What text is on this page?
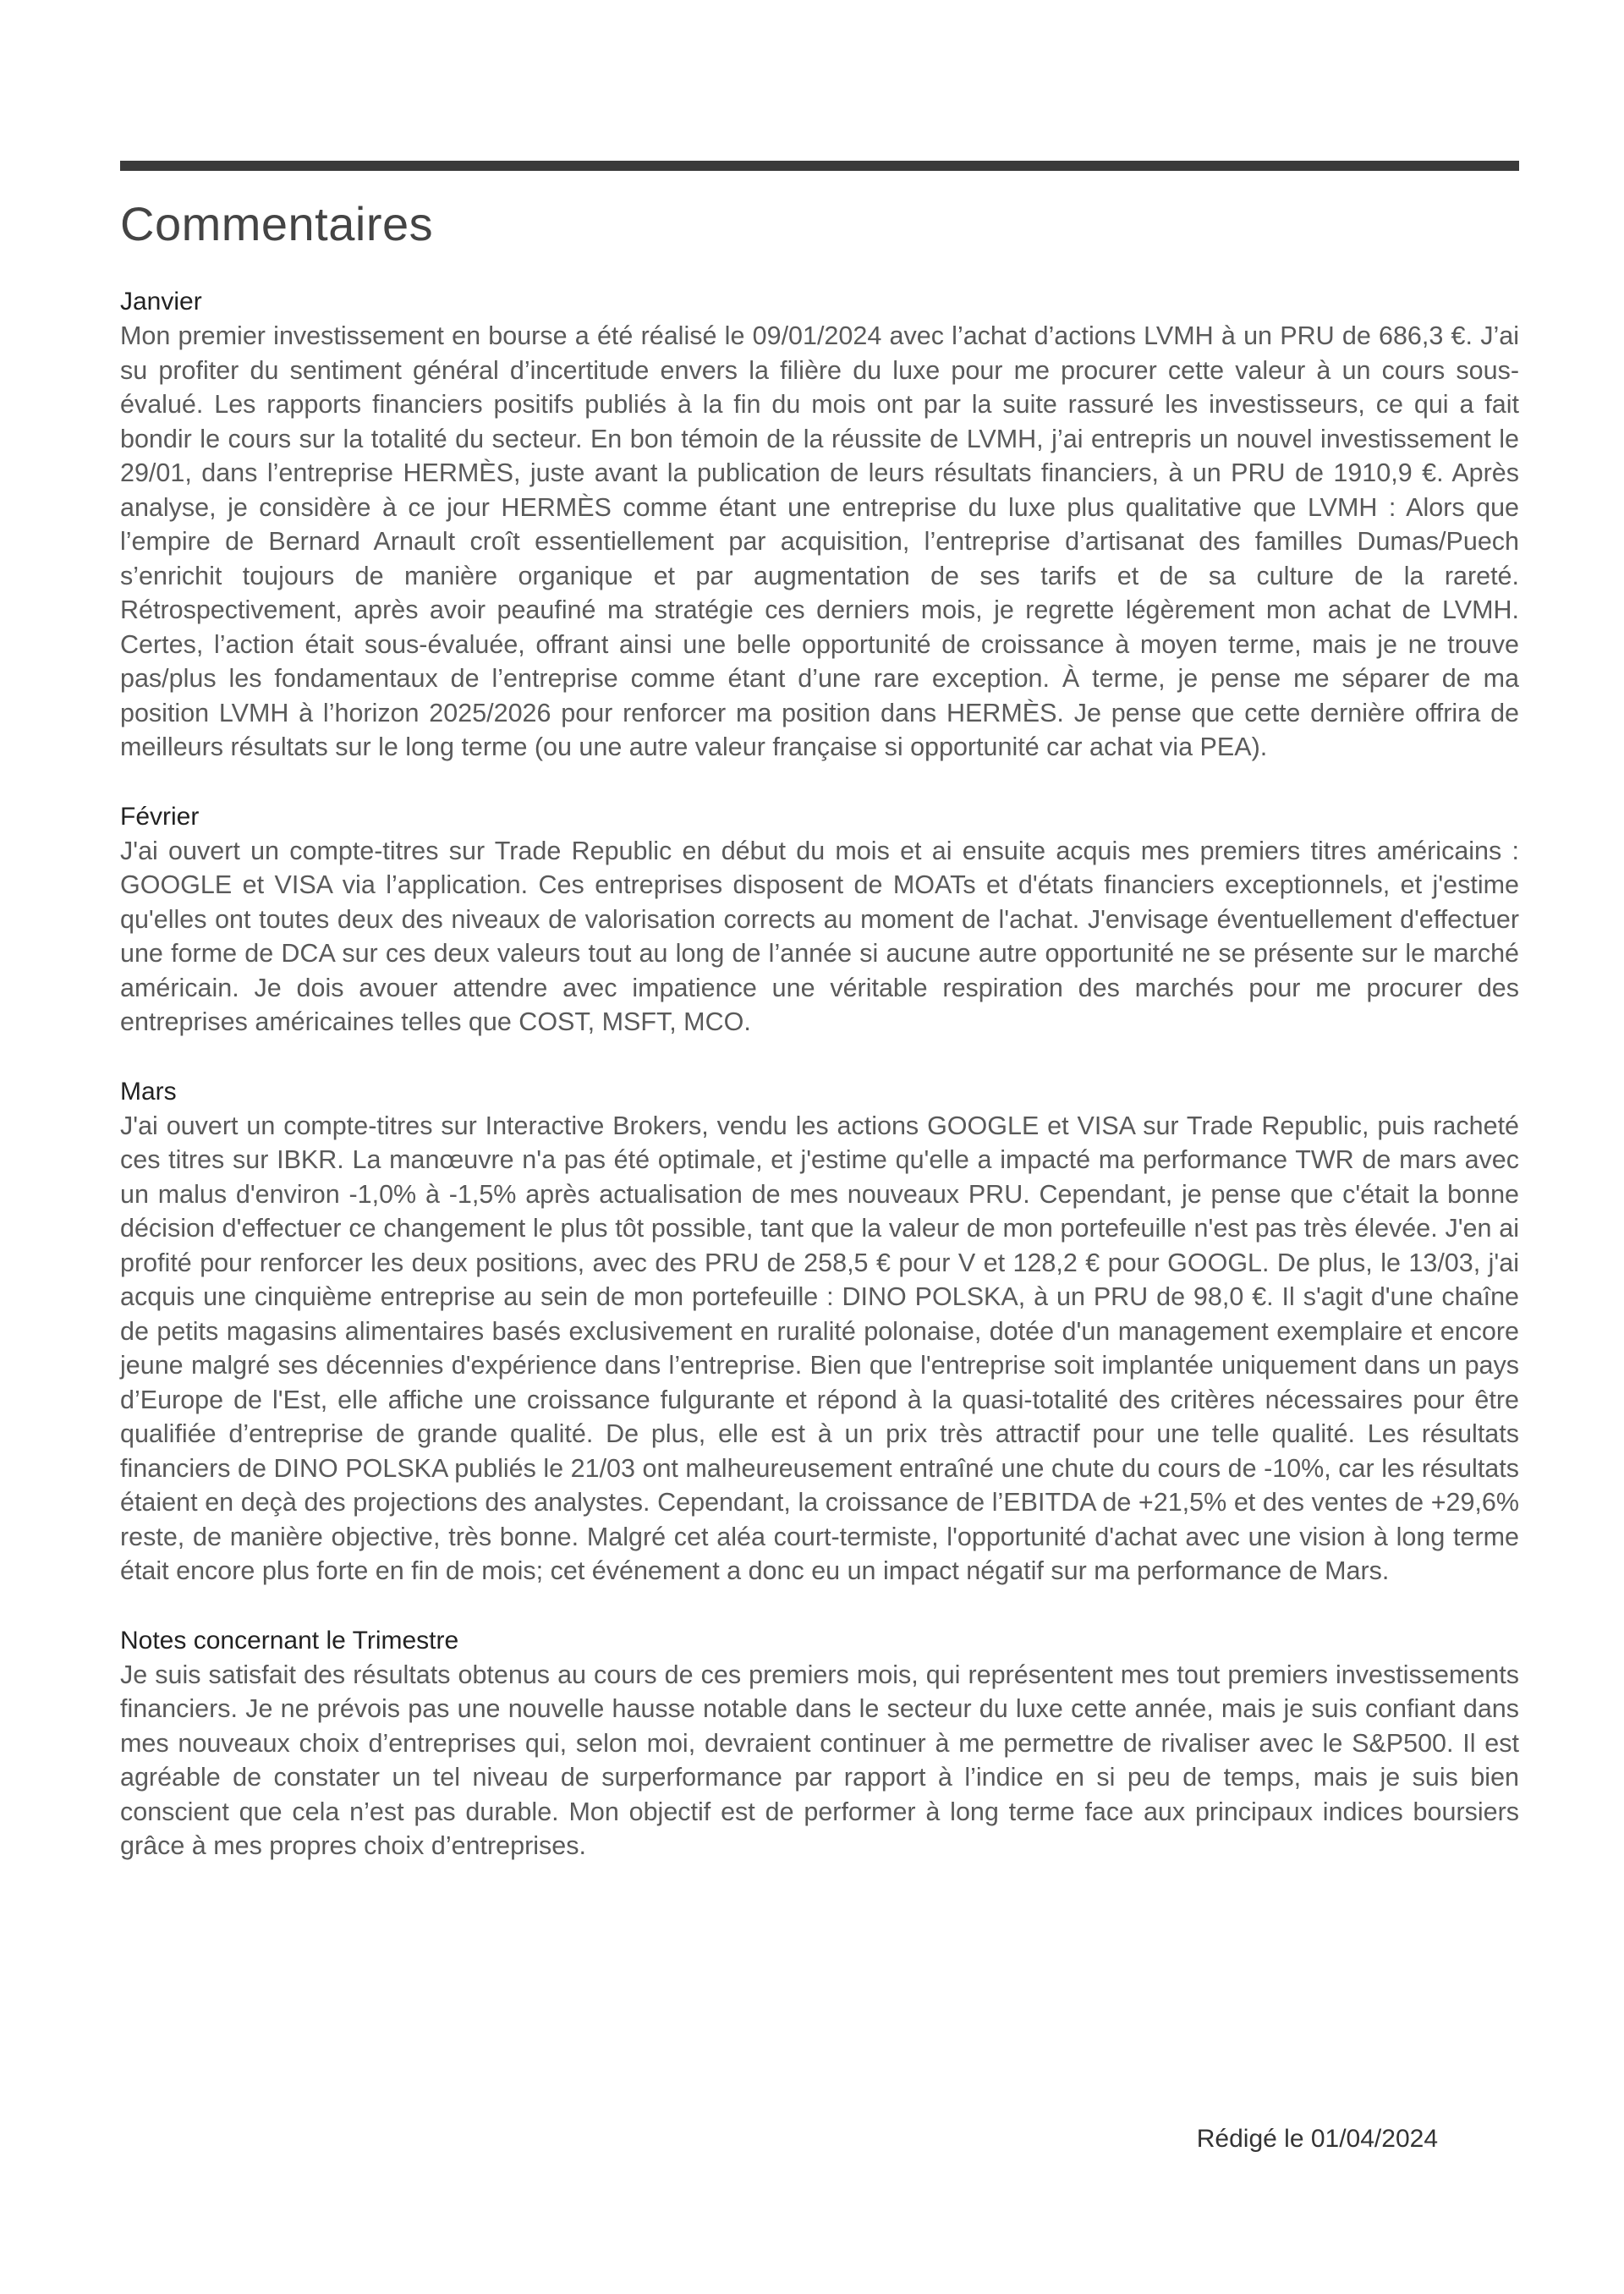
Commentaires

Janvier

Mon premier investissement en bourse a été réalisé le 09/01/2024 avec l’achat d’actions LVMH à un PRU de 686,3 €. J’ai su profiter du sentiment général d’incertitude envers la filière du luxe pour me procurer cette valeur à un cours sous-évalué. Les rapports financiers positifs publiés à la fin du mois ont par la suite rassuré les investisseurs, ce qui a fait bondir le cours sur la totalité du secteur. En bon témoin de la réussite de LVMH, j’ai entrepris un nouvel investissement le 29/01, dans l’entreprise HERMÈS, juste avant la publication de leurs résultats financiers, à un PRU de 1910,9 €. Après analyse, je considère à ce jour HERMÈS comme étant une entreprise du luxe plus qualitative que LVMH : Alors que l’empire de Bernard Arnault croît essentiellement par acquisition, l’entreprise d’artisanat des familles Dumas/Puech s’enrichit toujours de manière organique et par augmentation de ses tarifs et de sa culture de la rareté. Rétrospectivement, après avoir peaufiné ma stratégie ces derniers mois, je regrette légèrement mon achat de LVMH. Certes, l’action était sous-évaluée, offrant ainsi une belle opportunité de croissance à moyen terme, mais je ne trouve pas/plus les fondamentaux de l’entreprise comme étant d’une rare exception. À terme, je pense me séparer de ma position LVMH à l’horizon 2025/2026 pour renforcer ma position dans HERMÈS. Je pense que cette dernière offrira de meilleurs résultats sur le long terme (ou une autre valeur française si opportunité car achat via PEA).

Février

J'ai ouvert un compte-titres sur Trade Republic en début du mois et ai ensuite acquis mes premiers titres américains : GOOGLE et VISA via l’application. Ces entreprises disposent de MOATs et d'états financiers exceptionnels, et j'estime qu'elles ont toutes deux des niveaux de valorisation corrects au moment de l'achat. J'envisage éventuellement d'effectuer une forme de DCA sur ces deux valeurs tout au long de l’année si aucune autre opportunité ne se présente sur le marché américain. Je dois avouer attendre avec impatience une véritable respiration des marchés pour me procurer des entreprises américaines telles que COST, MSFT, MCO.

Mars

J'ai ouvert un compte-titres sur Interactive Brokers, vendu les actions GOOGLE et VISA sur Trade Republic, puis racheté ces titres sur IBKR. La manœuvre n'a pas été optimale, et j'estime qu'elle a impacté ma performance TWR de mars avec un malus d'environ -1,0% à -1,5% après actualisation de mes nouveaux PRU. Cependant, je pense que c'était la bonne décision d'effectuer ce changement le plus tôt possible, tant que la valeur de mon portefeuille n'est pas très élevée. J'en ai profité pour renforcer les deux positions, avec des PRU de 258,5 € pour V et 128,2 € pour GOOGL. De plus, le 13/03, j'ai acquis une cinquième entreprise au sein de mon portefeuille : DINO POLSKA, à un PRU de 98,0 €. Il s'agit d'une chaîne de petits magasins alimentaires basés exclusivement en ruralité polonaise, dotée d'un management exemplaire et encore jeune malgré ses décennies d'expérience dans l’entreprise. Bien que l'entreprise soit implantée uniquement dans un pays d’Europe de l'Est, elle affiche une croissance fulgurante et répond à la quasi-totalité des critères nécessaires pour être qualifiée d’entreprise de grande qualité. De plus, elle est à un prix très attractif pour une telle qualité. Les résultats financiers de DINO POLSKA publiés le 21/03 ont malheureusement entraîné une chute du cours de -10%, car les résultats étaient en deçà des projections des analystes. Cependant, la croissance de l’EBITDA de +21,5% et des ventes de +29,6% reste, de manière objective, très bonne. Malgré cet aléa court-termiste, l'opportunité d'achat avec une vision à long terme était encore plus forte en fin de mois; cet événement a donc eu un impact négatif sur ma performance de Mars.

Notes concernant le Trimestre

Je suis satisfait des résultats obtenus au cours de ces premiers mois, qui représentent mes tout premiers investissements financiers. Je ne prévois pas une nouvelle hausse notable dans le secteur du luxe cette année, mais je suis confiant dans mes nouveaux choix d’entreprises qui, selon moi, devraient continuer à me permettre de rivaliser avec le S&P500. Il est agréable de constater un tel niveau de surperformance par rapport à l’indice en si peu de temps, mais je suis bien conscient que cela n’est pas durable. Mon objectif est de performer à long terme face aux principaux indices boursiers grâce à mes propres choix d’entreprises.

Rédigé le 01/04/2024
